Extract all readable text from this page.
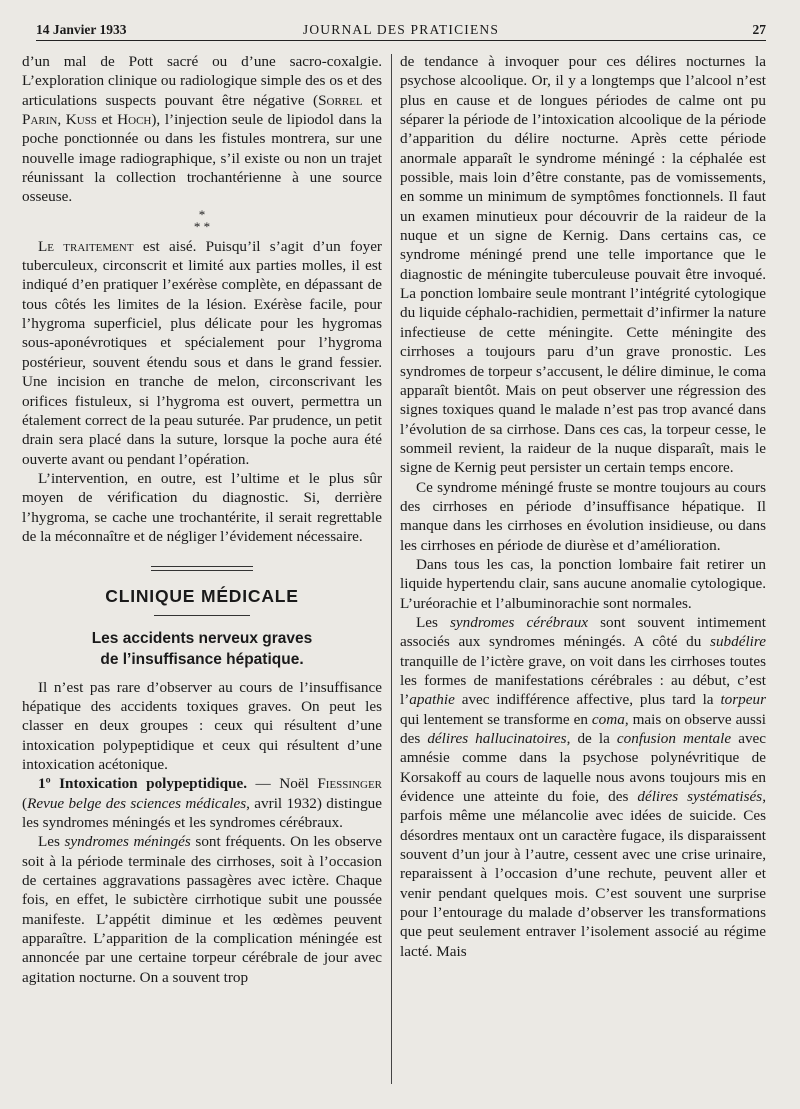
14 Janvier 1933	JOURNAL DES PRATICIENS	27

d’un mal de Pott sacré ou d’une sacro-coxalgie. L’exploration clinique ou radiologique simple des os et des articulations suspects pouvant être négative (Sorrel et Parin, Kuss et Hoch), l’injection seule de lipiodol dans la poche ponctionnée ou dans les fistules montrera, sur une nouvelle image radiographique, s’il existe ou non un trajet réunissant la collection trochantérienne à une source osseuse.

*
* *

Le traitement est aisé. Puisqu’il s’agit d’un foyer tuberculeux, circonscrit et limité aux parties molles, il est indiqué d’en pratiquer l’exérèse complète, en dépassant de tous côtés les limites de la lésion. Exérèse facile, pour l’hygroma superficiel, plus délicate pour les hygromas sous-aponévrotiques et spécialement pour l’hygroma postérieur, souvent étendu sous et dans le grand fessier. Une incision en tranche de melon, circonscrivant les orifices fistuleux, si l’hygroma est ouvert, permettra un étalement correct de la peau suturée. Par prudence, un petit drain sera placé dans la suture, lorsque la poche aura été ouverte avant ou pendant l’opération.

L’intervention, en outre, est l’ultime et le plus sûr moyen de vérification du diagnostic. Si, derrière l’hygroma, se cache une trochantérite, il serait regrettable de la méconnaître et de négliger l’évidement nécessaire.

CLINIQUE MÉDICALE

Les accidents nerveux graves
de l’insuffisance hépatique.

Il n’est pas rare d’observer au cours de l’insuffisance hépatique des accidents toxiques graves. On peut les classer en deux groupes : ceux qui résultent d’une intoxication polypeptidique et ceux qui résultent d’une intoxication acétonique.

1º Intoxication polypeptidique. — Noël Fiessinger (Revue belge des sciences médicales, avril 1932) distingue les syndromes méningés et les syndromes cérébraux.

Les syndromes méningés sont fréquents. On les observe soit à la période terminale des cirrhoses, soit à l’occasion de certaines aggravations passagères avec ictère. Chaque fois, en effet, le subictère cirrhotique subit une poussée manifeste. L’appétit diminue et les œdèmes peuvent apparaître. L’apparition de la complication méningée est annoncée par une certaine torpeur cérébrale de jour avec agitation nocturne. On a souvent trop

de tendance à invoquer pour ces délires nocturnes la psychose alcoolique. Or, il y a longtemps que l’alcool n’est plus en cause et de longues périodes de calme ont pu séparer la période de l’intoxication alcoolique de la période d’apparition du délire nocturne. Après cette période anormale apparaît le syndrome méningé : la céphalée est possible, mais loin d’être constante, pas de vomissements, en somme un minimum de symptômes fonctionnels. Il faut un examen minutieux pour découvrir de la raideur de la nuque et un signe de Kernig. Dans certains cas, ce syndrome méningé prend une telle importance que le diagnostic de méningite tuberculeuse pouvait être invoqué. La ponction lombaire seule montrant l’intégrité cytologique du liquide céphalo-rachidien, permettait d’infirmer la nature infectieuse de cette méningite. Cette méningite des cirrhoses a toujours paru d’un grave pronostic. Les syndromes de torpeur s’accusent, le délire diminue, le coma apparaît bientôt. Mais on peut observer une régression des signes toxiques quand le malade n’est pas trop avancé dans l’évolution de sa cirrhose. Dans ces cas, la torpeur cesse, le sommeil revient, la raideur de la nuque disparaît, mais le signe de Kernig peut persister un certain temps encore.

Ce syndrome méningé fruste se montre toujours au cours des cirrhoses en période d’insuffisance hépatique. Il manque dans les cirrhoses en évolution insidieuse, ou dans les cirrhoses en période de diurèse et d’amélioration.

Dans tous les cas, la ponction lombaire fait retirer un liquide hypertendu clair, sans aucune anomalie cytologique. L’uréorachie et l’albuminorachie sont normales.

Les syndromes cérébraux sont souvent intimement associés aux syndromes méningés. A côté du subdélire tranquille de l’ictère grave, on voit dans les cirrhoses toutes les formes de manifestations cérébrales : au début, c’est l’apathie avec indifférence affective, plus tard la torpeur qui lentement se transforme en coma, mais on observe aussi des délires hallucinatoires, de la confusion mentale avec amnésie comme dans la psychose polynévritique de Korsakoff au cours de laquelle nous avons toujours mis en évidence une atteinte du foie, des délires systématisés, parfois même une mélancolie avec idées de suicide. Ces désordres mentaux ont un caractère fugace, ils disparaissent souvent d’un jour à l’autre, cessent avec une crise urinaire, reparaissent à l’occasion d’une rechute, peuvent aller et venir pendant quelques mois. C’est souvent une surprise pour l’entourage du malade d’observer les transformations que peut seulement entraver l’isolement associé au régime lacté. Mais
